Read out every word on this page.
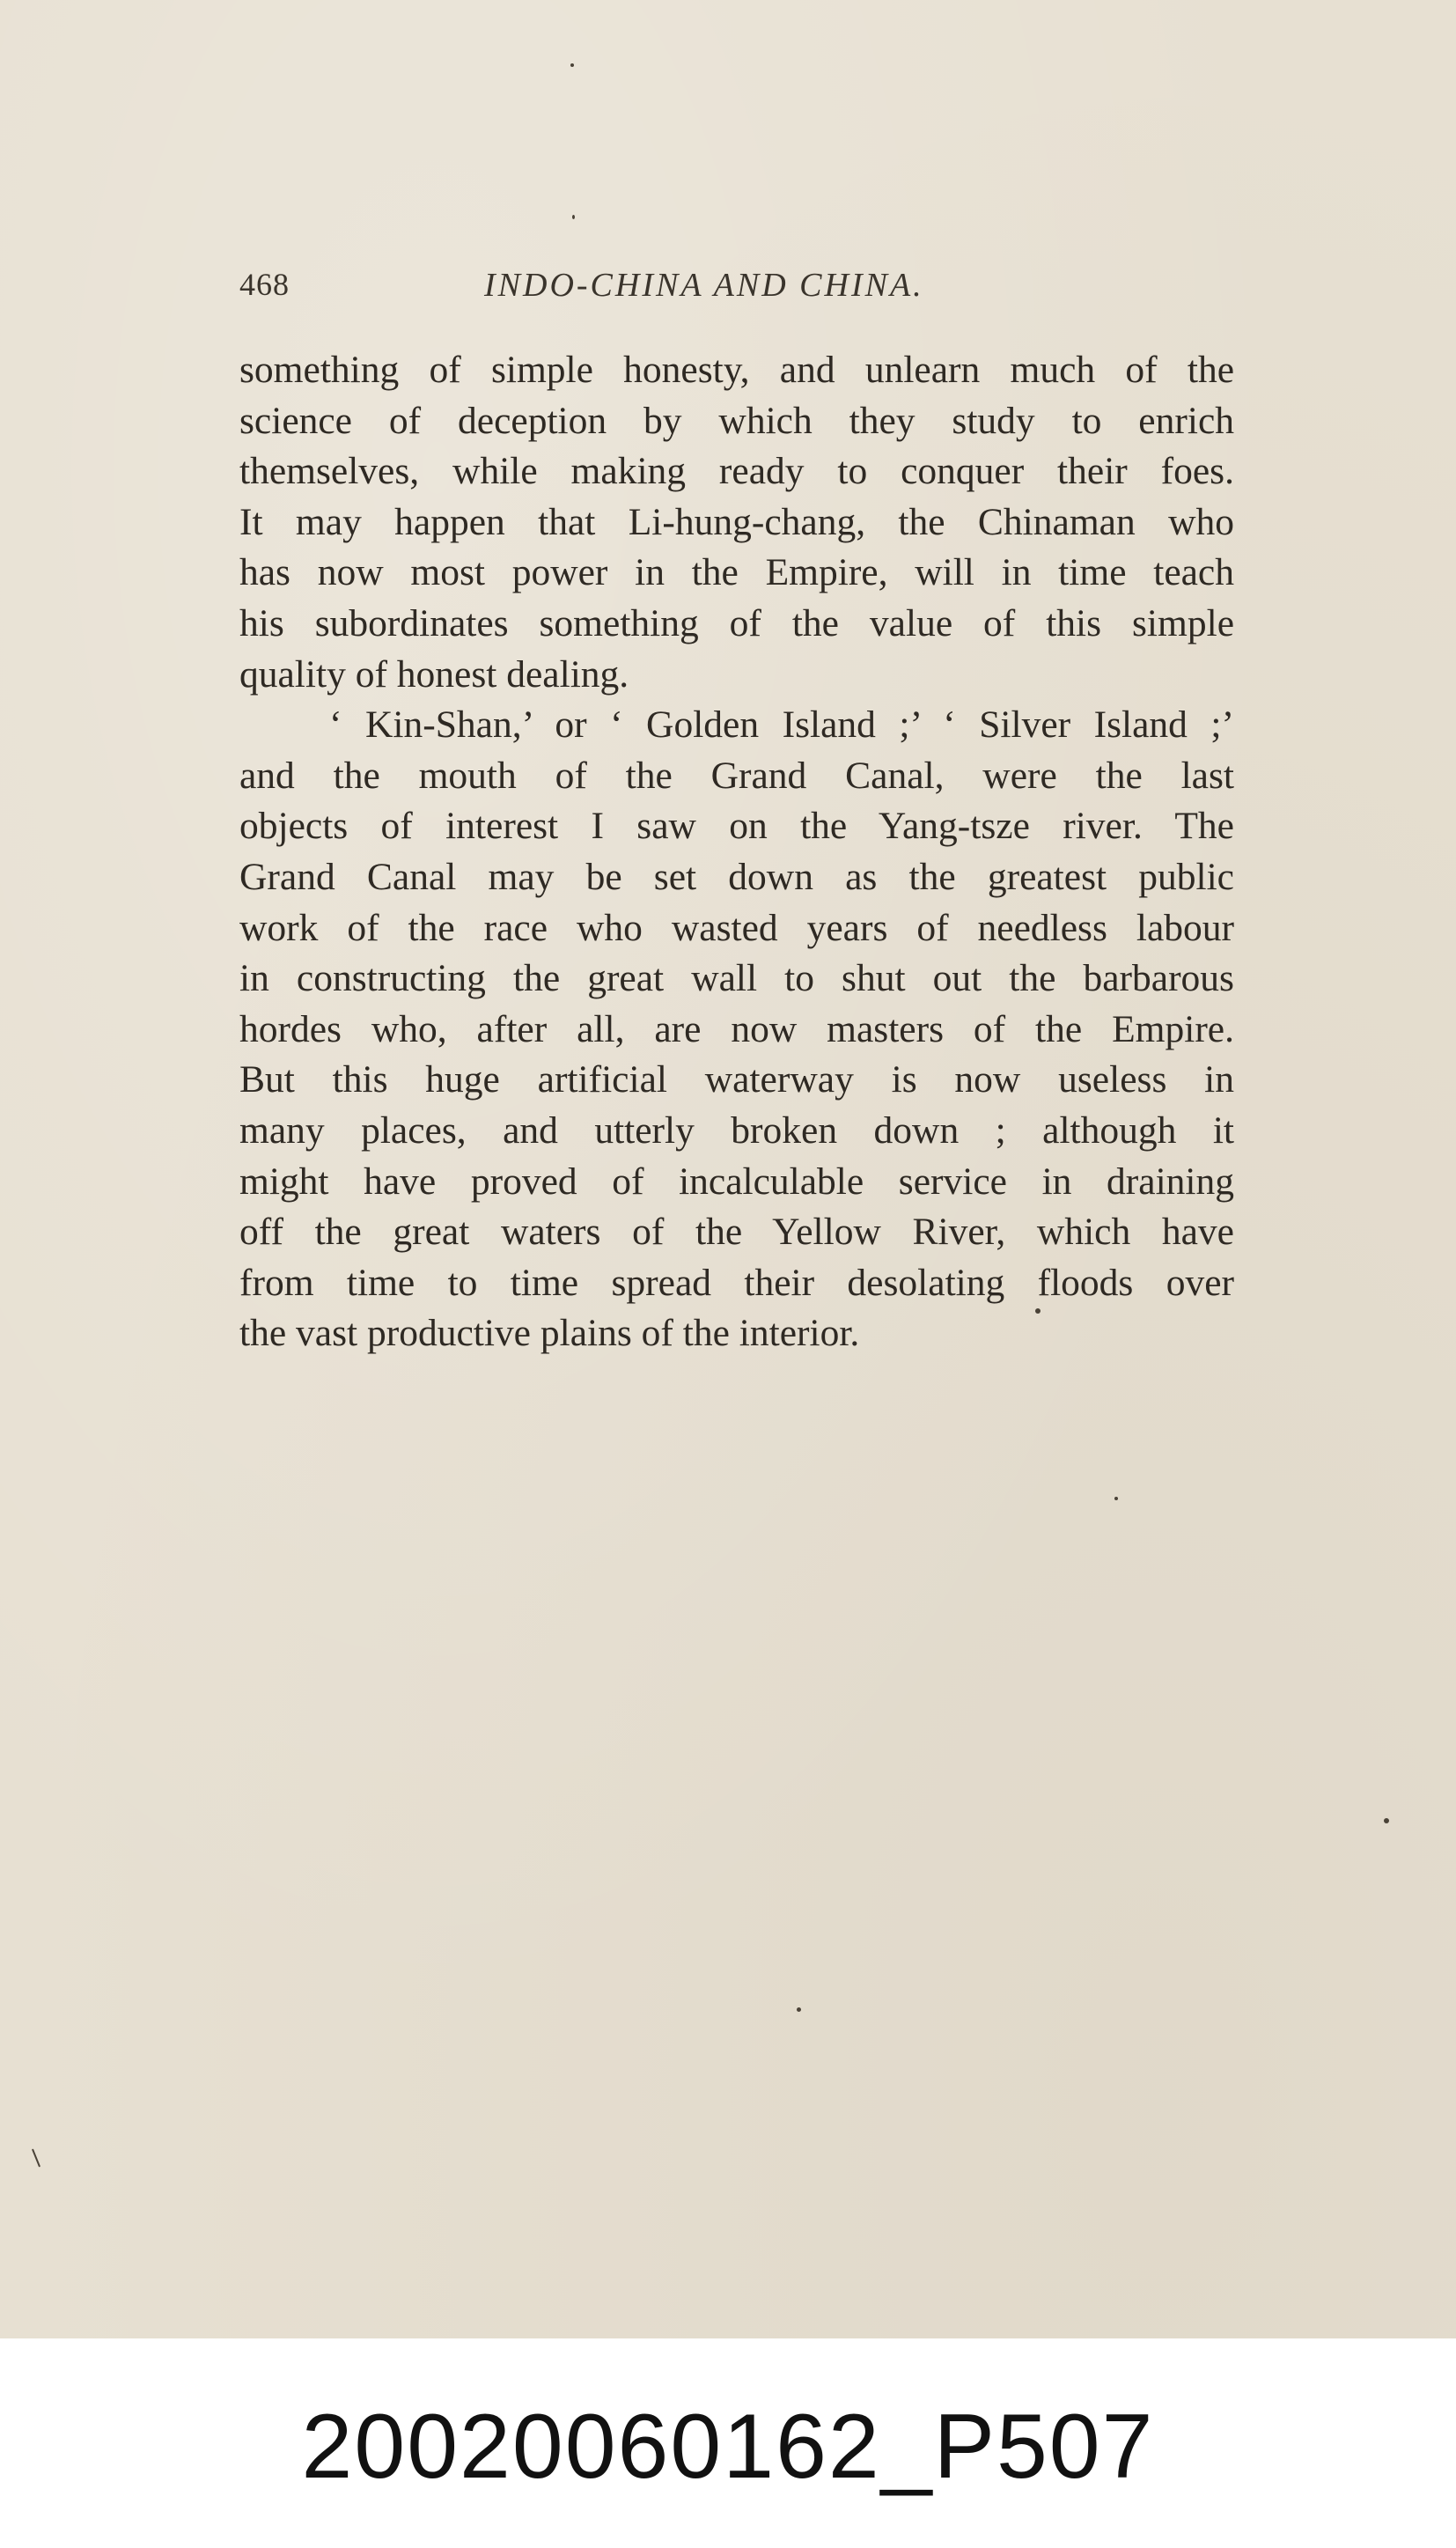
468	INDO-CHINA AND CHINA.

something of simple honesty, and unlearn much of the

science of deception by which they study to enrich

themselves, while making ready to conquer their foes.

It may happen that Li-hung-chang, the Chinaman who

has now most power in the Empire, will in time teach

his subordinates something of the value of this simple

quality of honest dealing.

‘ Kin-Shan,’ or ‘ Golden Island ;’ ‘ Silver Island ;’

and the mouth of the Grand Canal, were the last

objects of interest I saw on the Yang-tsze river. The

Grand Canal may be set down as the greatest public

work of the race who wasted years of needless labour

in constructing the great wall to shut out the barbarous

hordes who, after all, are now masters of the Empire.

But this huge artificial waterway is now useless in

many places, and utterly broken down ; although it

might have proved of incalculable service in draining

off the great waters of the Yellow River, which have

from time to time spread their desolating floods over

the vast productive plains of the interior.

20020060162_P507
